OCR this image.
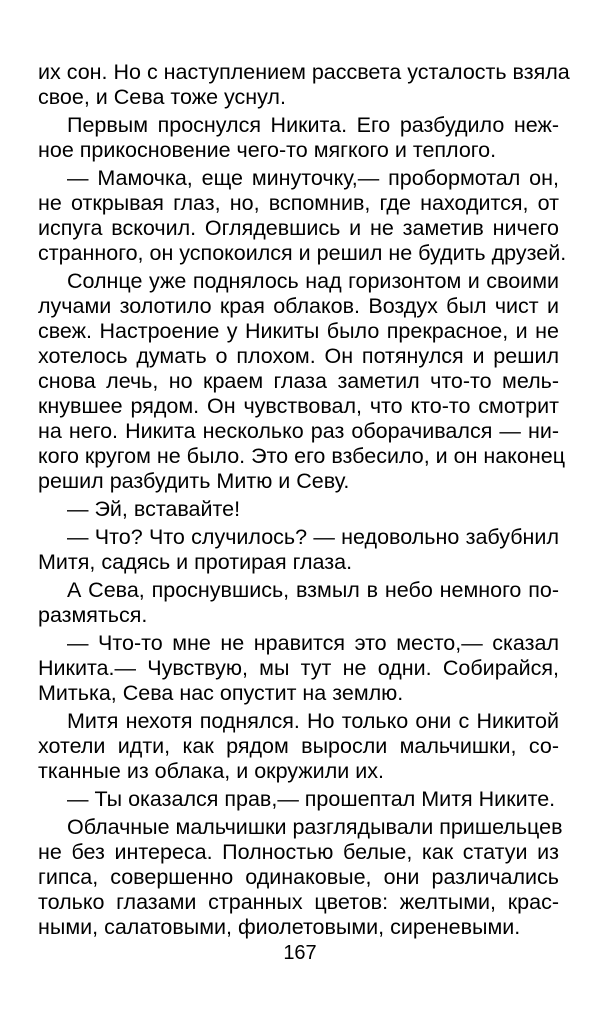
их сон. Но с наступлением рассвета усталость взяла
свое, и Сева тоже уснул.
Первым проснулся Никита. Его разбудило неж-
ное прикосновение чего-то мягкого и теплого.
— Мамочка, еще минуточку,— пробормотал он,
не открывая глаз, но, вспомнив, где находится, от
испуга вскочил. Оглядевшись и не заметив ничего
странного, он успокоился и решил не будить друзей.
Солнце уже поднялось над горизонтом и своими
лучами золотило края облаков. Воздух был чист и
свеж. Настроение у Никиты было прекрасное, и не
хотелось думать о плохом. Он потянулся и решил
снова лечь, но краем глаза заметил что-то мель-
кнувшее рядом. Он чувствовал, что кто-то смотрит
на него. Никита несколько раз оборачивался — ни-
кого кругом не было. Это его взбесило, и он наконец
решил разбудить Митю и Севу.
— Эй, вставайте!
— Что? Что случилось? — недовольно забубнил
Митя, садясь и протирая глаза.
А Сева, проснувшись, взмыл в небо немного по-
размяться.
— Что-то мне не нравится это место,— сказал
Никита.— Чувствую, мы тут не одни. Собирайся,
Митька, Сева нас опустит на землю.
Митя нехотя поднялся. Но только они с Никитой
хотели идти, как рядом выросли мальчишки, со-
тканные из облака, и окружили их.
— Ты оказался прав,— прошептал Митя Никите.
Облачные мальчишки разглядывали пришельцев
не без интереса. Полностью белые, как статуи из
гипса, совершенно одинаковые, они различались
только глазами странных цветов: желтыми, крас-
ными, салатовыми, фиолетовыми, сиреневыми.
167
